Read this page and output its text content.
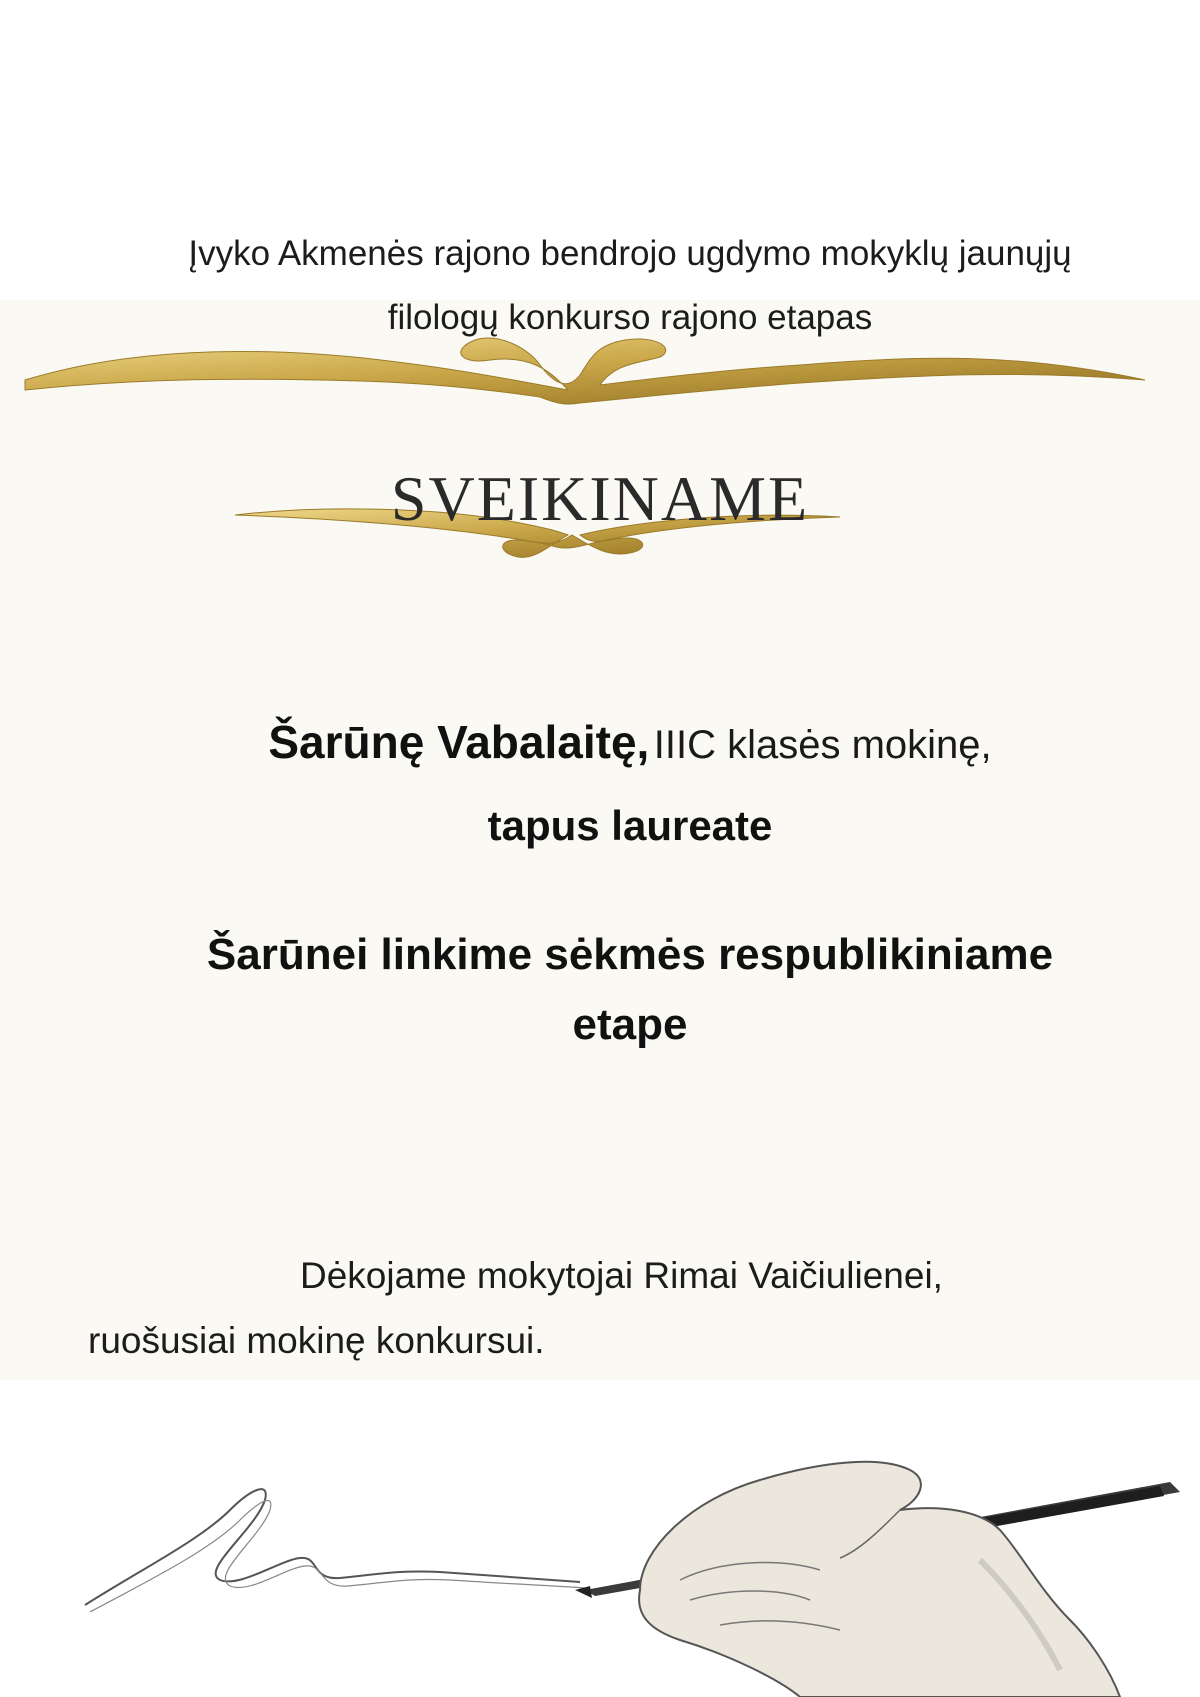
Įvyko Akmenės rajono bendrojo ugdymo mokyklų jaunųjų
filologų konkurso rajono etapas
SVEIKINAME
Šarūnę Vabalaitę, IIIC klasės mokinę,
tapus laureate
Šarūnei linkime sėkmės respublikiniame
etape
Dėkojame mokytojai Rimai Vaičiulienei,
ruošusiai mokinę konkursui.
